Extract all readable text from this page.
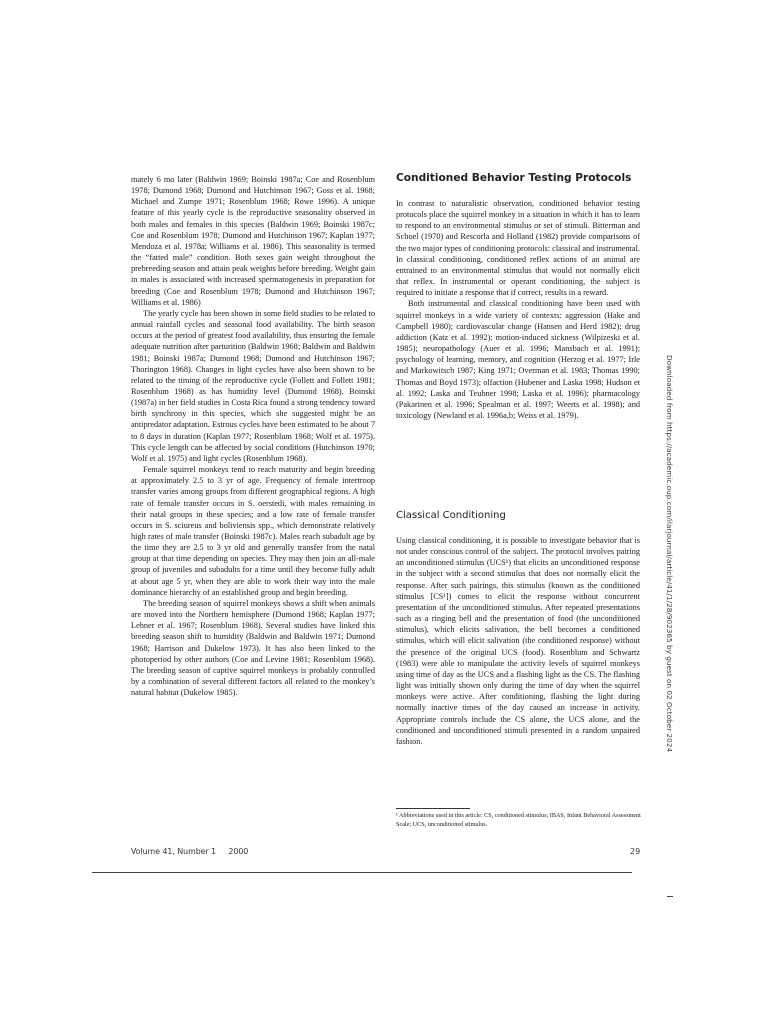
mately 6 mo later (Baldwin 1969; Boinski 1987a; Coe and Rosenblum 1978; Dumond 1968; Dumond and Hutchinson 1967; Goss et al. 1968; Michael and Zumpe 1971; Rosenblum 1968; Rowe 1996). A unique feature of this yearly cycle is the reproductive seasonality observed in both males and females in this species (Baldwin 1969; Boinski 1987c; Coe and Rosenblum 1978; Dumond and Hutchinson 1967; Kaplan 1977; Mendoza et al. 1978a; Williams et al. 1986). This seasonality is termed the “fatted male” condition. Both sexes gain weight throughout the prebreeding season and attain peak weights before breeding. Weight gain in males is associated with increased spermatogenesis in preparation for breeding (Coe and Rosenblum 1978; Dumond and Hutchinson 1967; Williams et al. 1986)

The yearly cycle has been shown in some field studies to be related to annual rainfall cycles and seasonal food availability. The birth season occurs at the period of greatest food availability, thus ensuring the female adequate nutrition after parturition (Baldwin 1968; Baldwin and Baldwin 1981; Boinski 1987a; Dumond 1968; Dumond and Hutchinson 1967; Thorington 1968). Changes in light cycles have also been shown to be related to the timing of the reproductive cycle (Follett and Follett 1981; Rosenblum 1968) as has humidity level (Dumond 1968). Boinski (1987a) in her field studies in Costa Rica found a strong tendency toward birth synchrony in this species, which she suggested might be an antipredator adaptation. Estrous cycles have been estimated to be about 7 to 8 days in duration (Kaplan 1977; Rosenblum 1968; Wolf et al. 1975). This cycle length can be affected by social conditions (Hutchinson 1970; Wolf et al. 1975) and light cycles (Rosenblum 1968).

Female squirrel monkeys tend to reach maturity and begin breeding at approximately 2.5 to 3 yr of age. Frequency of female intertroop transfer varies among groups from different geographical regions. A high rate of female transfer occurs in S. oerstedi, with males remaining in their natal groups in these species; and a low rate of female transfer occurs in S. sciureus and boliviensis spp., which demonstrate relatively high rates of male transfer (Boinski 1987c). Males reach subadult age by the time they are 2.5 to 3 yr old and generally transfer from the natal group at that time depending on species. They may then join an all-male group of juveniles and subadults for a time until they become fully adult at about age 5 yr, when they are able to work their way into the male dominance hierarchy of an established group and begin breeding.

The breeding season of squirrel monkeys shows a shift when animals are moved into the Northern hemisphere (Dumond 1968; Kaplan 1977; Lehner et al. 1967; Rosenblum 1968). Several studies have linked this breeding season shift to humidity (Baldwin and Baldwin 1971; Dumond 1968; Harrison and Dukelow 1973). It has also been linked to the photoperiod by other authors (Coe and Levine 1981; Rosenblum 1968). The breeding season of captive squirrel monkeys is probably controlled by a combination of several different factors all related to the monkey’s natural habitat (Dukelow 1985).

Conditioned Behavior Testing Protocols

In contrast to naturalistic observation, conditioned behavior testing protocols place the squirrel monkey in a situation in which it has to learn to respond to an environmental stimulus or set of stimuli. Bitterman and Schoel (1970) and Rescorla and Holland (1982) provide comparisons of the two major types of conditioning protocols: classical and instrumental. In classical conditioning, conditioned reflex actions of an animal are entrained to an environmental stimulus that would not normally elicit that reflex. In instrumental or operant conditioning, the subject is required to initiate a response that if correct, results in a reward.

Both instrumental and classical conditioning have been used with squirrel monkeys in a wide variety of contexts: aggression (Hake and Campbell 1980); cardiovascular change (Hansen and Herd 1982); drug addiction (Katz et al. 1992); motion-induced sickness (Wilpizeski et al. 1985); neuropathology (Auer et al. 1996; Mansbach et al. 1991); psychology of learning, memory, and cognition (Herzog et al. 1977; Irle and Markowitsch 1987; King 1971; Overman et al. 1983; Thomas 1990; Thomas and Boyd 1973); olfaction (Hubener and Laska 1998; Hudson et al. 1992; Laska and Teubner 1998; Laska et al. 1996); pharmacology (Pakarinen et al. 1996; Spealman et al. 1997; Weerts et al. 1998); and toxicology (Newland et al. 1996a,b; Weiss et al. 1979).

Classical Conditioning

Using classical conditioning, it is possible to investigate behavior that is not under conscious control of the subject. The protocol involves pairing an unconditioned stimulus (UCS¹) that elicits an unconditioned response in the subject with a second stimulus that does not normally elicit the response. After such pairings, this stimulus (known as the conditioned stimulus [CS¹]) comes to elicit the response without concurrent presentation of the unconditioned stimulus. After repeated presentations such as a ringing bell and the presentation of food (the unconditioned stimulus), which elicits salivation, the bell becomes a conditioned stimulus, which will elicit salivation (the conditioned response) without the presence of the original UCS (food). Rosenblum and Schwartz (1983) were able to manipulate the activity levels of squirrel monkeys using time of day as the UCS and a flashing light as the CS. The flashing light was initially shown only during the time of day when the squirrel monkeys were active. After conditioning, flashing the light during normally inactive times of the day caused an increase in activity. Appropriate controls include the CS alone, the UCS alone, and the conditioned and unconditioned stimuli presented in a random unpaired fashion.

¹ Abbreviations used in this article: CS, conditioned stimulus; IBAS, Infant Behavioral Assessment Scale; UCS, unconditioned stimulus.
Volume 41, Number 1     2000	29
Downloaded from https://academic.oup.com/ilarjournal/article/41/1/28/902365 by guest on 02 October 2024
